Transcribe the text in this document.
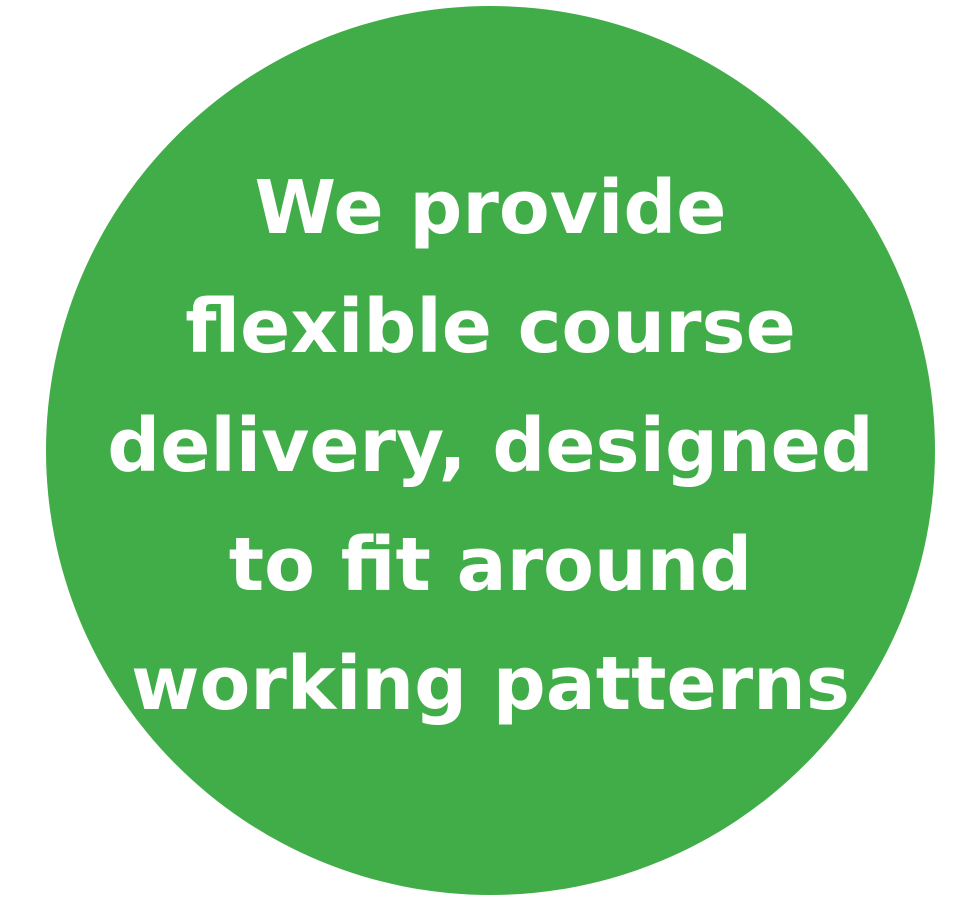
We provide
flexible course
delivery, designed
to fit around
working patterns
